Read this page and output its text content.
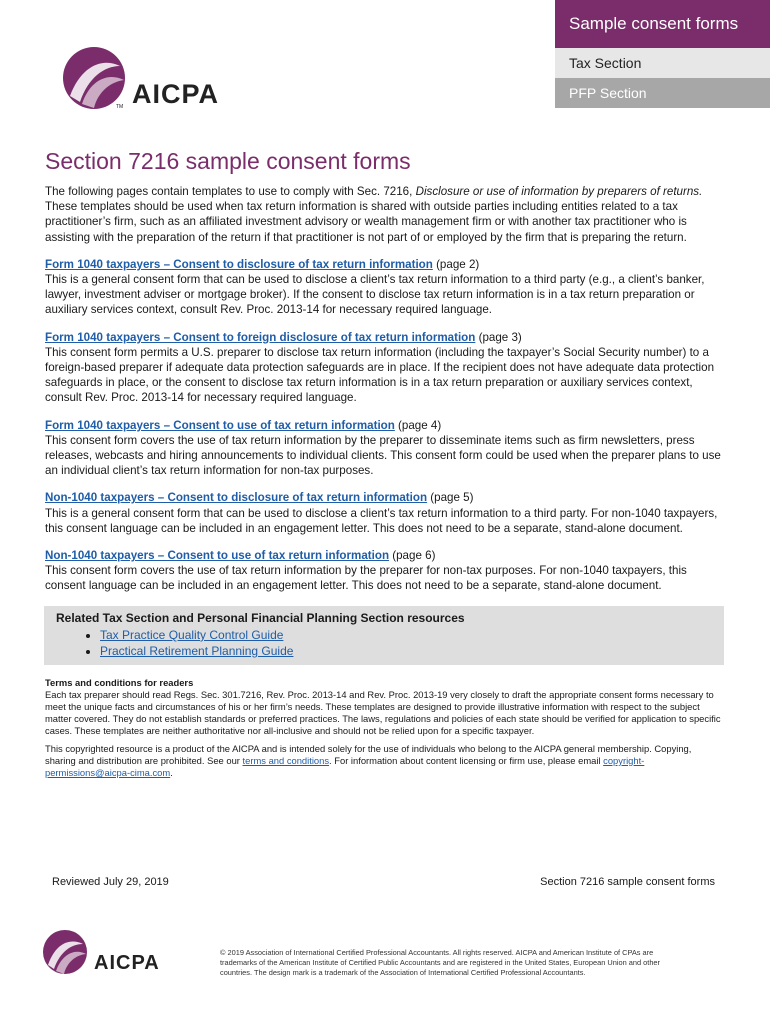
AICPA
TM
Sample consent forms
Tax Section
PFP Section
Section 7216 sample consent forms

The following pages contain templates to use to comply with Sec. 7216, Disclosure or use of information by preparers of returns. These templates should be used when tax return information is shared with outside parties including entities related to a tax practitioner’s firm, such as an affiliated investment advisory or wealth management firm or with another tax practitioner who is assisting with the preparation of the return if that practitioner is not part of or employed by the firm that is preparing the return.

Form 1040 taxpayers – Consent to disclosure of tax return information (page 2)
This is a general consent form that can be used to disclose a client’s tax return information to a third party (e.g., a client’s banker, lawyer, investment adviser or mortgage broker). If the consent to disclose tax return information is in a tax return preparation or auxiliary services context, consult Rev. Proc. 2013-14 for necessary required language.

Form 1040 taxpayers – Consent to foreign disclosure of tax return information (page 3)
This consent form permits a U.S. preparer to disclose tax return information (including the taxpayer’s Social Security number) to a foreign-based preparer if adequate data protection safeguards are in place. If the recipient does not have adequate data protection safeguards in place, or the consent to disclose tax return information is in a tax return preparation or auxiliary services context, consult Rev. Proc. 2013-14 for necessary required language.

Form 1040 taxpayers – Consent to use of tax return information (page 4)
This consent form covers the use of tax return information by the preparer to disseminate items such as firm newsletters, press releases, webcasts and hiring announcements to individual clients. This consent form could be used when the preparer plans to use an individual client’s tax return information for non-tax purposes.

Non-1040 taxpayers – Consent to disclosure of tax return information (page 5)
This is a general consent form that can be used to disclose a client’s tax return information to a third party. For non-1040 taxpayers, this consent language can be included in an engagement letter. This does not need to be a separate, stand-alone document.

Non-1040 taxpayers – Consent to use of tax return information (page 6)
This consent form covers the use of tax return information by the preparer for non-tax purposes. For non-1040 taxpayers, this consent language can be included in an engagement letter. This does not need to be a separate, stand-alone document.

Related Tax Section and Personal Financial Planning Section resources
• Tax Practice Quality Control Guide
• Practical Retirement Planning Guide

Terms and conditions for readers
Each tax preparer should read Regs. Sec. 301.7216, Rev. Proc. 2013-14 and Rev. Proc. 2013-19 very closely to draft the appropriate consent forms necessary to meet the unique facts and circumstances of his or her firm’s needs. These templates are designed to provide illustrative information with respect to the subject matter covered. They do not establish standards or preferred practices. The laws, regulations and policies of each state should be verified for application to specific cases. These templates are neither authoritative nor all-inclusive and should not be relied upon for a specific taxpayer.

This copyrighted resource is a product of the AICPA and is intended solely for the use of individuals who belong to the AICPA general membership. Copying, sharing and distribution are prohibited. See our terms and conditions. For information about content licensing or firm use, please email copyright-permissions@aicpa-cima.com.

Reviewed July 29, 2019	Section 7216 sample consent forms
AICPA	© 2019 Association of International Certified Professional Accountants. All rights reserved. AICPA and American Institute of CPAs are trademarks of the American Institute of Certified Public Accountants and are registered in the United States, European Union and other countries. The design mark is a trademark of the Association of International Certified Professional Accountants.
